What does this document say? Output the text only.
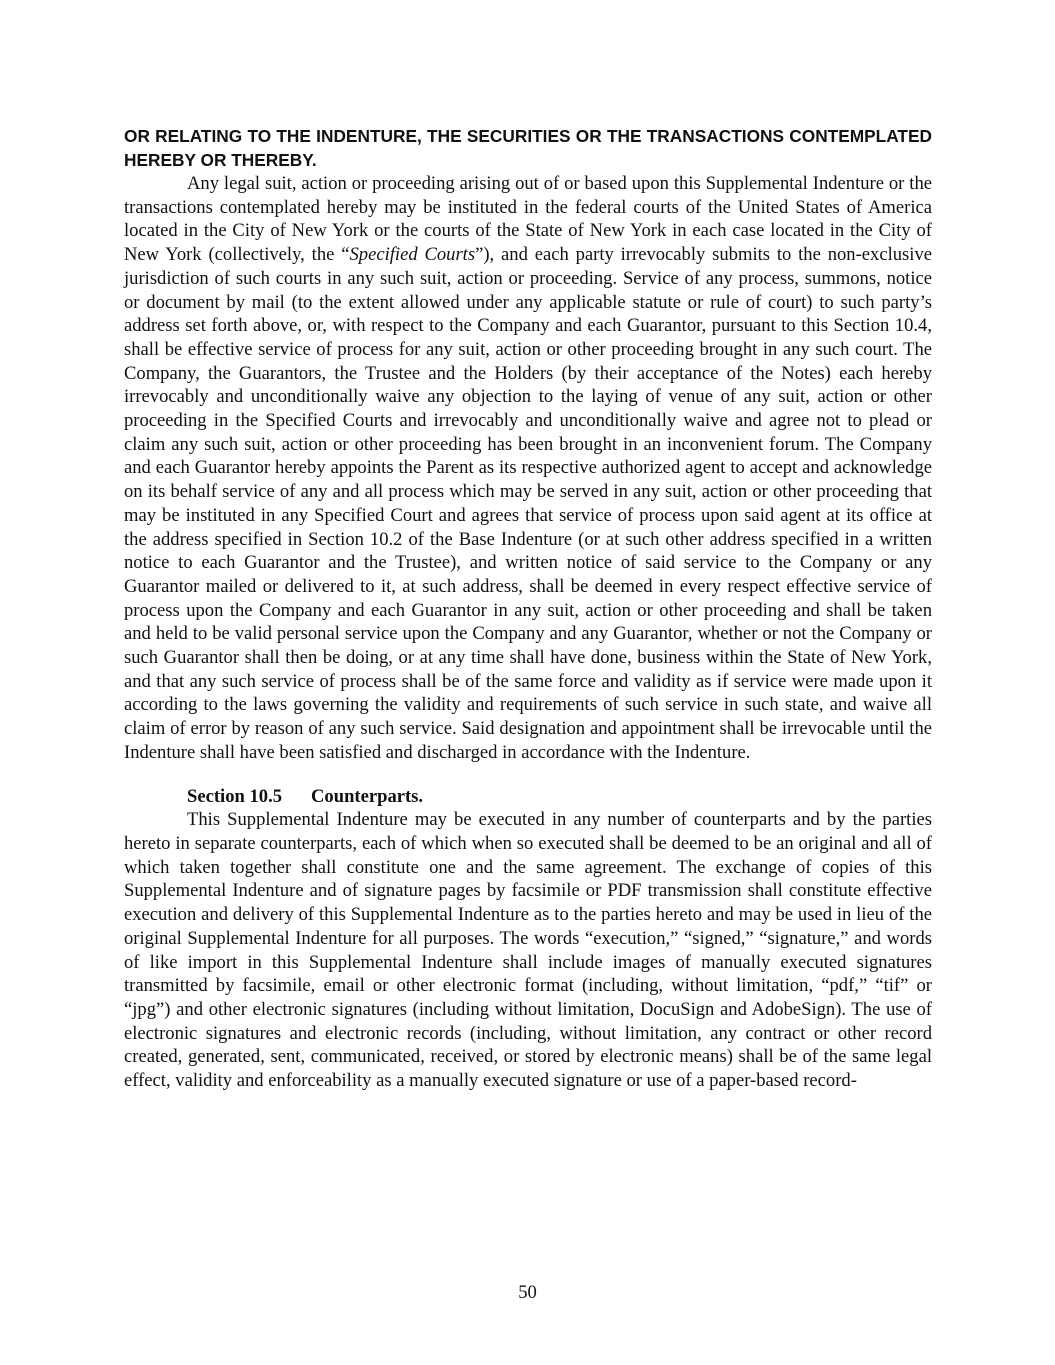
OR RELATING TO THE INDENTURE, THE SECURITIES OR THE TRANSACTIONS CONTEMPLATED HEREBY OR THEREBY.

Any legal suit, action or proceeding arising out of or based upon this Supplemental Indenture or the transactions contemplated hereby may be instituted in the federal courts of the United States of America located in the City of New York or the courts of the State of New York in each case located in the City of New York (collectively, the “Specified Courts”), and each party irrevocably submits to the non-exclusive jurisdiction of such courts in any such suit, action or proceeding. Service of any process, summons, notice or document by mail (to the extent allowed under any applicable statute or rule of court) to such party’s address set forth above, or, with respect to the Company and each Guarantor, pursuant to this Section 10.4, shall be effective service of process for any suit, action or other proceeding brought in any such court. The Company, the Guarantors, the Trustee and the Holders (by their acceptance of the Notes) each hereby irrevocably and unconditionally waive any objection to the laying of venue of any suit, action or other proceeding in the Specified Courts and irrevocably and unconditionally waive and agree not to plead or claim any such suit, action or other proceeding has been brought in an inconvenient forum. The Company and each Guarantor hereby appoints the Parent as its respective authorized agent to accept and acknowledge on its behalf service of any and all process which may be served in any suit, action or other proceeding that may be instituted in any Specified Court and agrees that service of process upon said agent at its office at the address specified in Section 10.2 of the Base Indenture (or at such other address specified in a written notice to each Guarantor and the Trustee), and written notice of said service to the Company or any Guarantor mailed or delivered to it, at such address, shall be deemed in every respect effective service of process upon the Company and each Guarantor in any suit, action or other proceeding and shall be taken and held to be valid personal service upon the Company and any Guarantor, whether or not the Company or such Guarantor shall then be doing, or at any time shall have done, business within the State of New York, and that any such service of process shall be of the same force and validity as if service were made upon it according to the laws governing the validity and requirements of such service in such state, and waive all claim of error by reason of any such service. Said designation and appointment shall be irrevocable until the Indenture shall have been satisfied and discharged in accordance with the Indenture.

Section 10.5 Counterparts.

This Supplemental Indenture may be executed in any number of counterparts and by the parties hereto in separate counterparts, each of which when so executed shall be deemed to be an original and all of which taken together shall constitute one and the same agreement. The exchange of copies of this Supplemental Indenture and of signature pages by facsimile or PDF transmission shall constitute effective execution and delivery of this Supplemental Indenture as to the parties hereto and may be used in lieu of the original Supplemental Indenture for all purposes. The words “execution,” “signed,” “signature,” and words of like import in this Supplemental Indenture shall include images of manually executed signatures transmitted by facsimile, email or other electronic format (including, without limitation, “pdf,” “tif” or “jpg”) and other electronic signatures (including without limitation, DocuSign and AdobeSign). The use of electronic signatures and electronic records (including, without limitation, any contract or other record created, generated, sent, communicated, received, or stored by electronic means) shall be of the same legal effect, validity and enforceability as a manually executed signature or use of a paper-based record-

50
